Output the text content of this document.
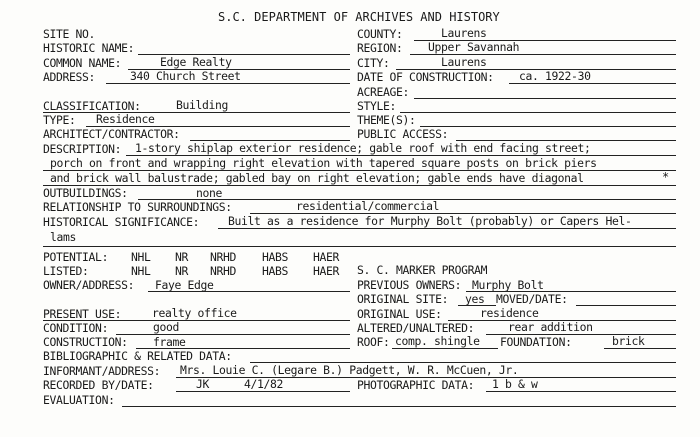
S.C. DEPARTMENT OF ARCHIVES AND HISTORY
SITE NO.	COUNTY:	Laurens
HISTORIC NAME:	REGION: Upper Savannah
COMMON NAME:	Edge Realty	CITY:	Laurens
ADDRESS:	340 Church Street	DATE OF CONSTRUCTION: ca. 1922-30
ACREAGE:
CLASSIFICATION:	Building	STYLE:
TYPE: Residence	THEME(S):
ARCHITECT/CONTRACTOR:	PUBLIC ACCESS:
DESCRIPTION: 1-story shiplap exterior residence; gable roof with end facing street;
porch on front and wrapping right elevation with tapered square posts on brick piers
and brick wall balustrade; gabled bay on right elevation; gable ends have diagonal	*
OUTBUILDINGS:	none
RELATIONSHIP TO SURROUNDINGS:	residential/commercial
HISTORICAL SIGNIFICANCE:	Built as a residence for Murphy Bolt (probably) or Capers Hel-
lams
POTENTIAL: NHL NR NRHD HABS HAER
LISTED:	NHL NR NRHD HABS HAER S. C. MARKER PROGRAM
OWNER/ADDRESS: Faye Edge	PREVIOUS OWNERS: Murphy Bolt
ORIGINAL SITE: yes MOVED/DATE:
PRESENT USE:	realty office	ORIGINAL USE:	residence
CONDITION:	good	ALTERED/UNALTERED:	rear addition
CONSTRUCTION: frame	ROOF: comp. shingle FOUNDATION:	brick
BIBLIOGRAPHIC & RELATED DATA:
INFORMANT/ADDRESS: Mrs. Louie C. (Legare B.) Padgett, W. R. McCuen, Jr.
RECORDED BY/DATE:	JK	4/1/82	PHOTOGRAPHIC DATA: 1 b & w
EVALUATION:
